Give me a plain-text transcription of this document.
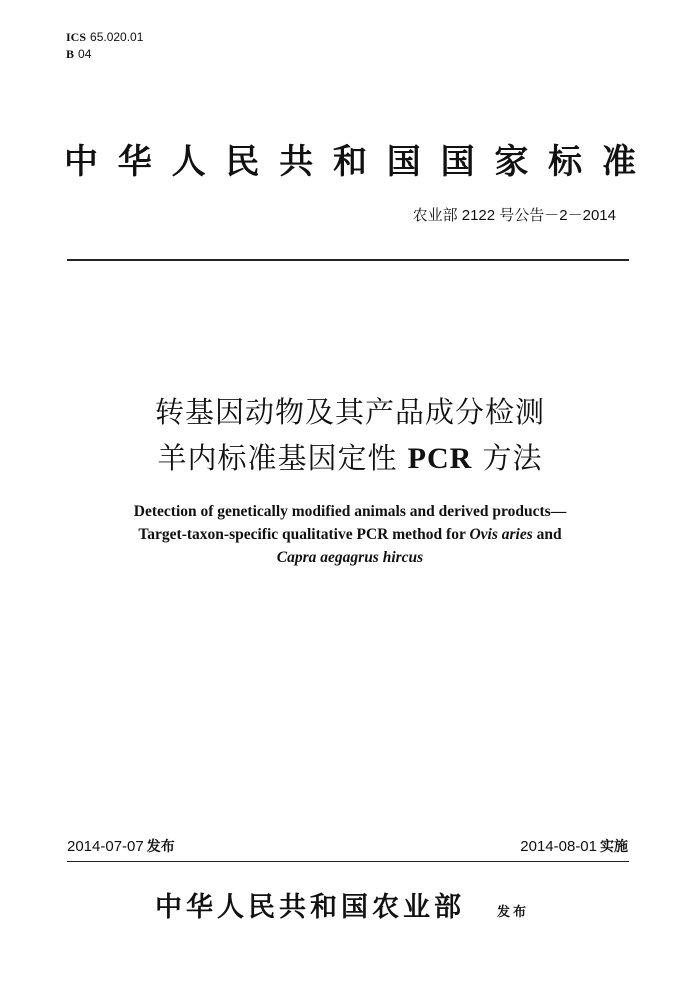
ICS 65.020.01
B 04
中 华 人 民 共 和 国 国 家 标 准
农业部 2122 号公告－2－2014
转基因动物及其产品成分检测
羊内标准基因定性 PCR 方法
Detection of genetically modified animals and derived products—
Target-taxon-specific qualitative PCR method for Ovis aries and
Capra aegagrus hircus
2014-07-07 发布	2014-08-01 实施
中华人民共和国农业部 发布
